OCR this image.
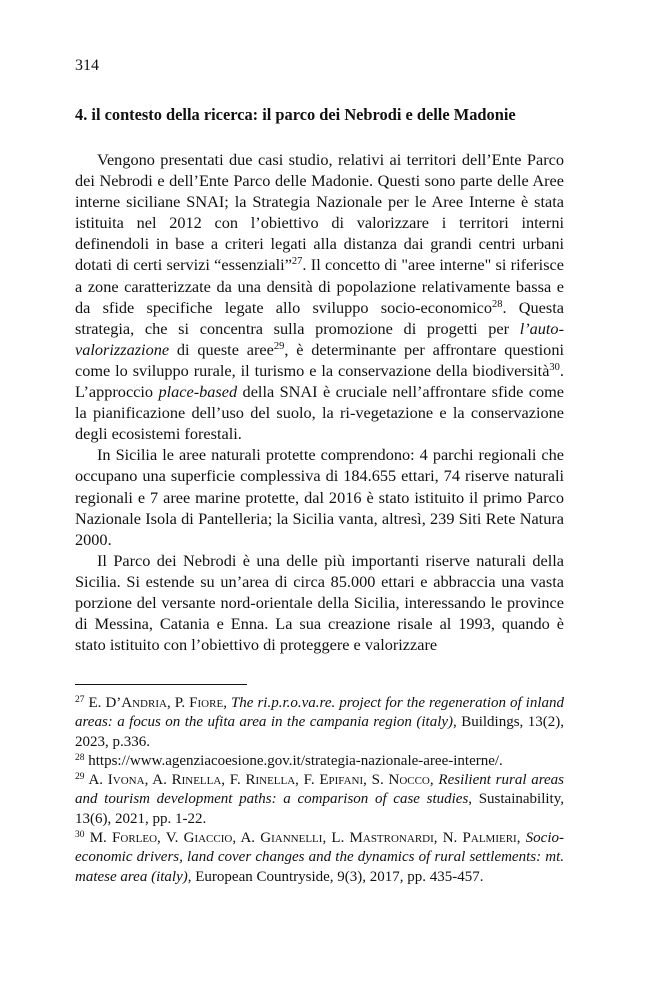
314
4. il contesto della ricerca: il parco dei Nebrodi e delle Madonie

Vengono presentati due casi studio, relativi ai territori dell’Ente Parco dei Nebrodi e dell’Ente Parco delle Madonie. Questi sono parte delle Aree interne siciliane SNAI; la Strategia Nazionale per le Aree Interne è stata istituita nel 2012 con l’obiettivo di valorizzare i territori interni definendoli in base a criteri legati alla distanza dai grandi centri urbani dotati di certi servizi “essenziali”$^{27}$. Il concetto di "aree interne" si riferisce a zone caratterizzate da una densità di popolazione relativamente bassa e da sfide specifiche legate allo sviluppo socio-economico$^{28}$. Questa strategia, che si concentra sulla promozione di progetti per l’auto-valorizzazione di queste aree$^{29}$, è determinante per affrontare questioni come lo sviluppo rurale, il turismo e la conservazione della biodiversità$^{30}$. L’approccio place-based della SNAI è cruciale nell’affrontare sfide come la pianificazione dell’uso del suolo, la ri-vegetazione e la conservazione degli ecosistemi forestali.

In Sicilia le aree naturali protette comprendono: 4 parchi regionali che occupano una superficie complessiva di 184.655 ettari, 74 riserve naturali regionali e 7 aree marine protette, dal 2016 è stato istituito il primo Parco Nazionale Isola di Pantelleria; la Sicilia vanta, altresì, 239 Siti Rete Natura 2000.

Il Parco dei Nebrodi è una delle più importanti riserve naturali della Sicilia. Si estende su un’area di circa 85.000 ettari e abbraccia una vasta porzione del versante nord-orientale della Sicilia, interessando le province di Messina, Catania e Enna. La sua creazione risale al 1993, quando è stato istituito con l’obiettivo di proteggere e valorizzare

$^{27}$ E. D’Andria, P. Fiore, The ri.p.r.o.va.re. project for the regeneration of inland areas: a focus on the ufita area in the campania region (italy), Buildings, 13(2), 2023, p.336.

$^{28}$ https://www.agenziacoesione.gov.it/strategia-nazionale-aree-interne/.

$^{29}$ A. Ivona, A. Rinella, F. Rinella, F. Epifani, S. Nocco, Resilient rural areas and tourism development paths: a comparison of case studies, Sustainability, 13(6), 2021, pp. 1-22.

$^{30}$ M. Forleo, V. Giaccio, A. Giannelli, L. Mastronardi, N. Palmieri, Socio-economic drivers, land cover changes and the dynamics of rural settlements: mt. matese area (italy), European Countryside, 9(3), 2017, pp. 435-457.
